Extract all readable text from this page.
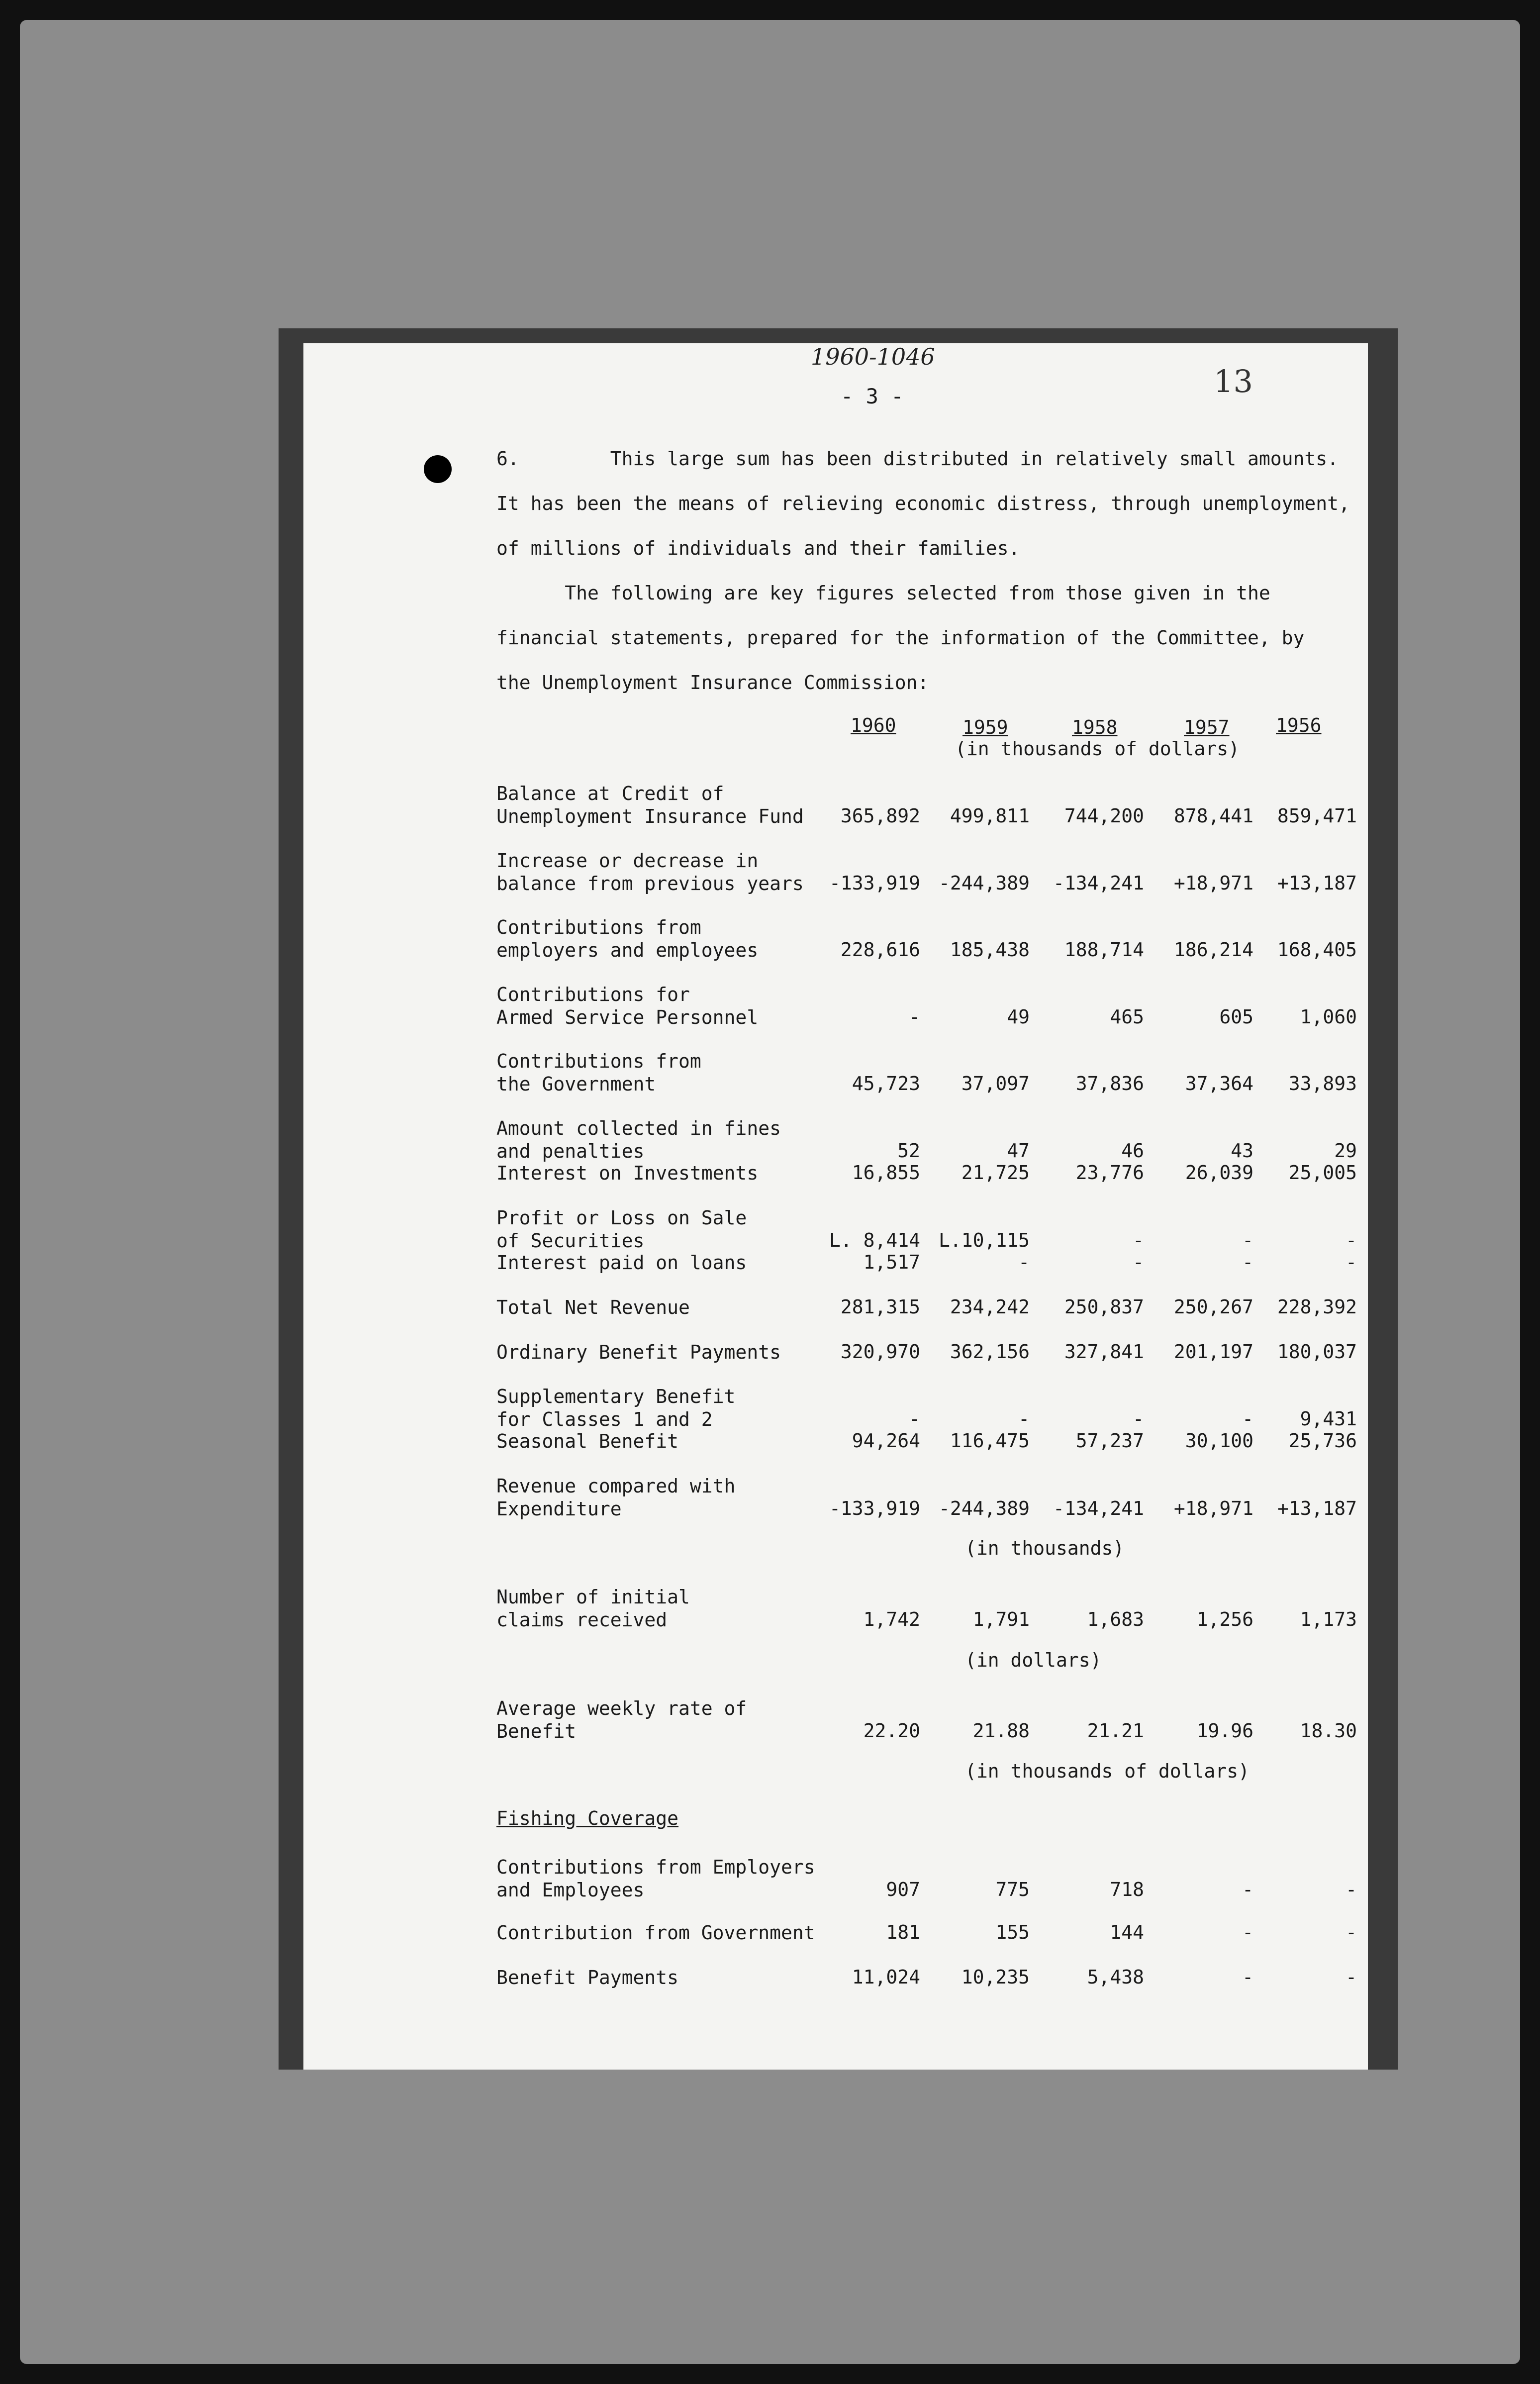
1960-1046
- 3 -	13
6.        This large sum has been distributed in relatively small amounts.
It has been the means of relieving economic distress, through unemployment,
of millions of individuals and their families.
The following are key figures selected from those given in the
financial statements, prepared for the information of the Committee, by
the Unemployment Insurance Commission:
1960	1959	1958	1957 1956
(in thousands of dollars)
Balance at Credit of
Unemployment Insurance Fund	365,892	499,811	744,200	878,441	859,471
Increase or decrease in
balance from previous years	-133,919 -244,389	-134,241	+18,971	+13,187
Contributions from
employers and employees	228,616	185,438	188,714	186,214	168,405
Contributions for
Armed Service Personnel	-	49	465	605	1,060
Contributions from
the Government	45,723	37,097	37,836	37,364	33,893
Amount collected in fines
and penalties	52	47	46	43	29
Interest on Investments	16,855	21,725	23,776	26,039	25,005
Profit or Loss on Sale
of Securities	L. 8,414 L.10,115	-	-	-
Interest paid on loans	1,517	-	-	-	-
Total Net Revenue	281,315	234,242	250,837	250,267	228,392
Ordinary Benefit Payments	320,970	362,156	327,841	201,197	180,037
Supplementary Benefit
for Classes 1 and 2	-	-	-	-	9,431
Seasonal Benefit	94,264	116,475	57,237	30,100	25,736
Revenue compared with
Expenditure	-133,919 -244,389	-134,241	+18,971	+13,187
Number of initial
claims received	1,742	1,791	1,683	1,256	1,173
Average weekly rate of
Benefit	22.20	21.88	21.21	19.96	18.30
(in thousands)
(in dollars)
(in thousands of dollars)
Fishing Coverage
Contributions from Employers
and Employees	907	775	718	-	-
Contribution from Government	181	155	144	-	-
Benefit Payments	11,024	10,235	5,438	-	-
